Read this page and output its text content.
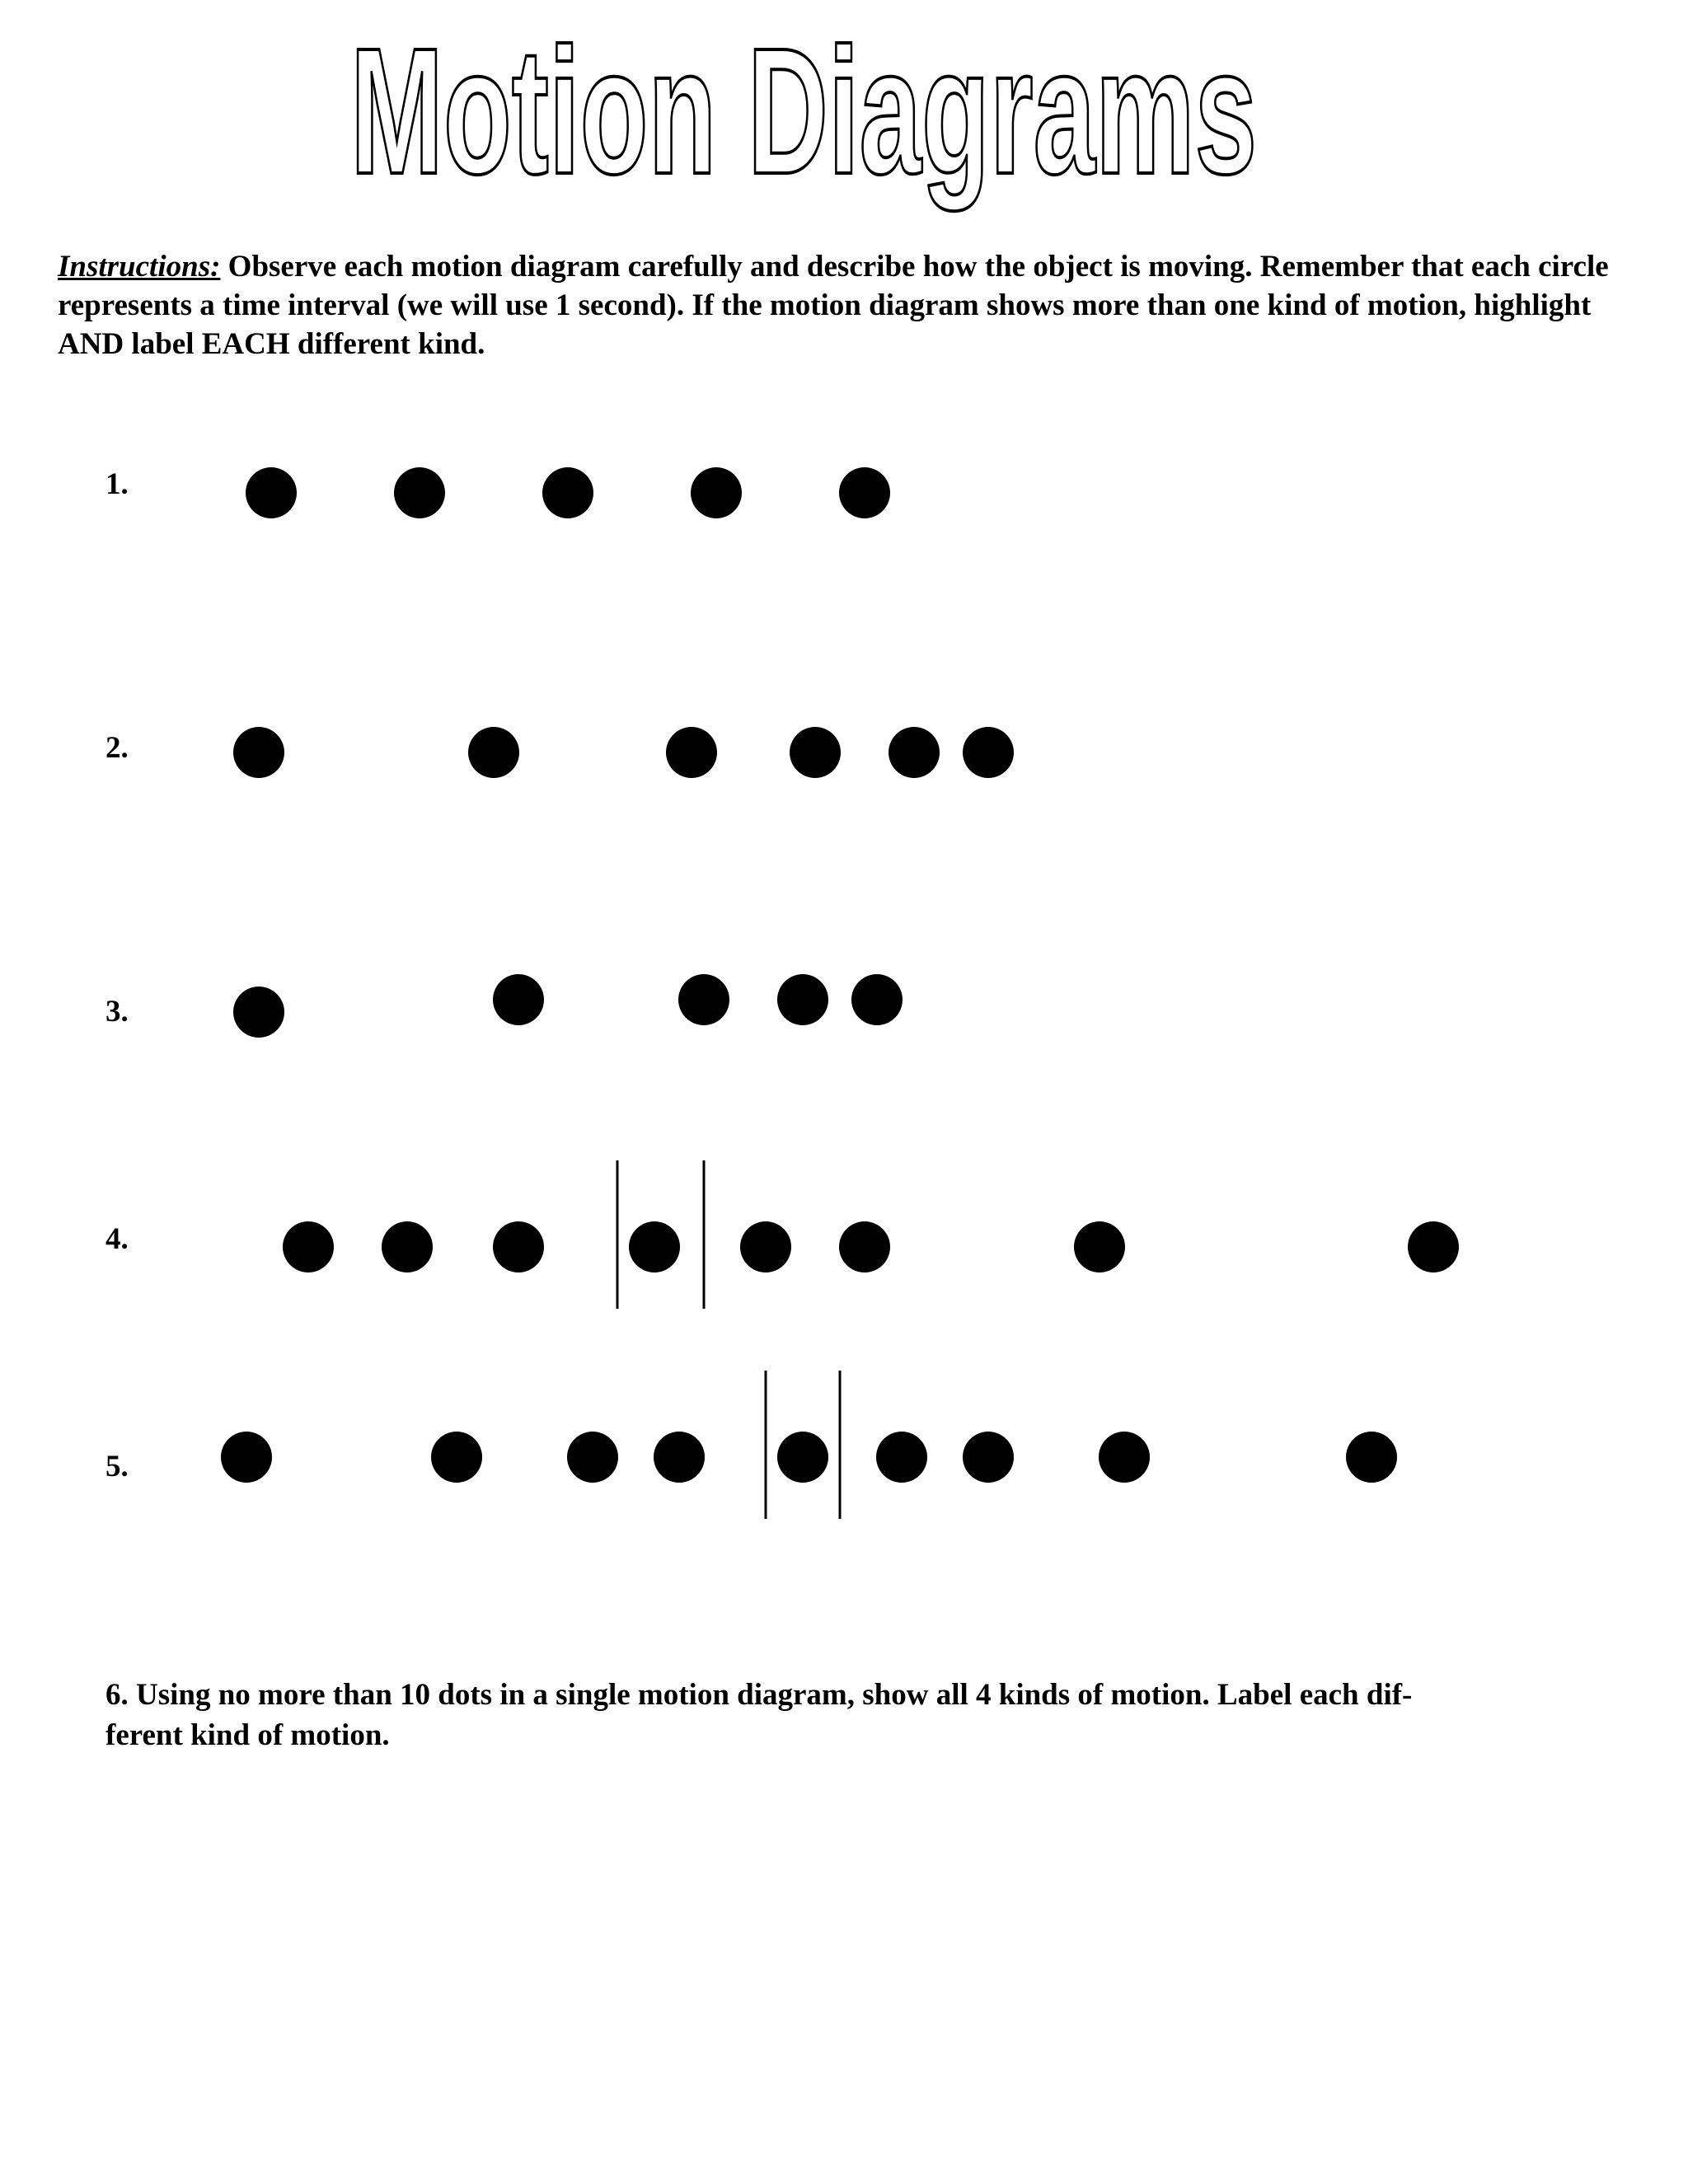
Motion Diagrams
Instructions: Observe each motion diagram carefully and describe how the object is moving. Remember that each circle represents a time interval (we will use 1 second). If the motion diagram shows more than one kind of motion, highlight AND label EACH different kind.
1.
2.
3.
4.
5.
6. Using no more than 10 dots in a single motion diagram, show all 4 kinds of motion. Label each dif-
ferent kind of motion.
